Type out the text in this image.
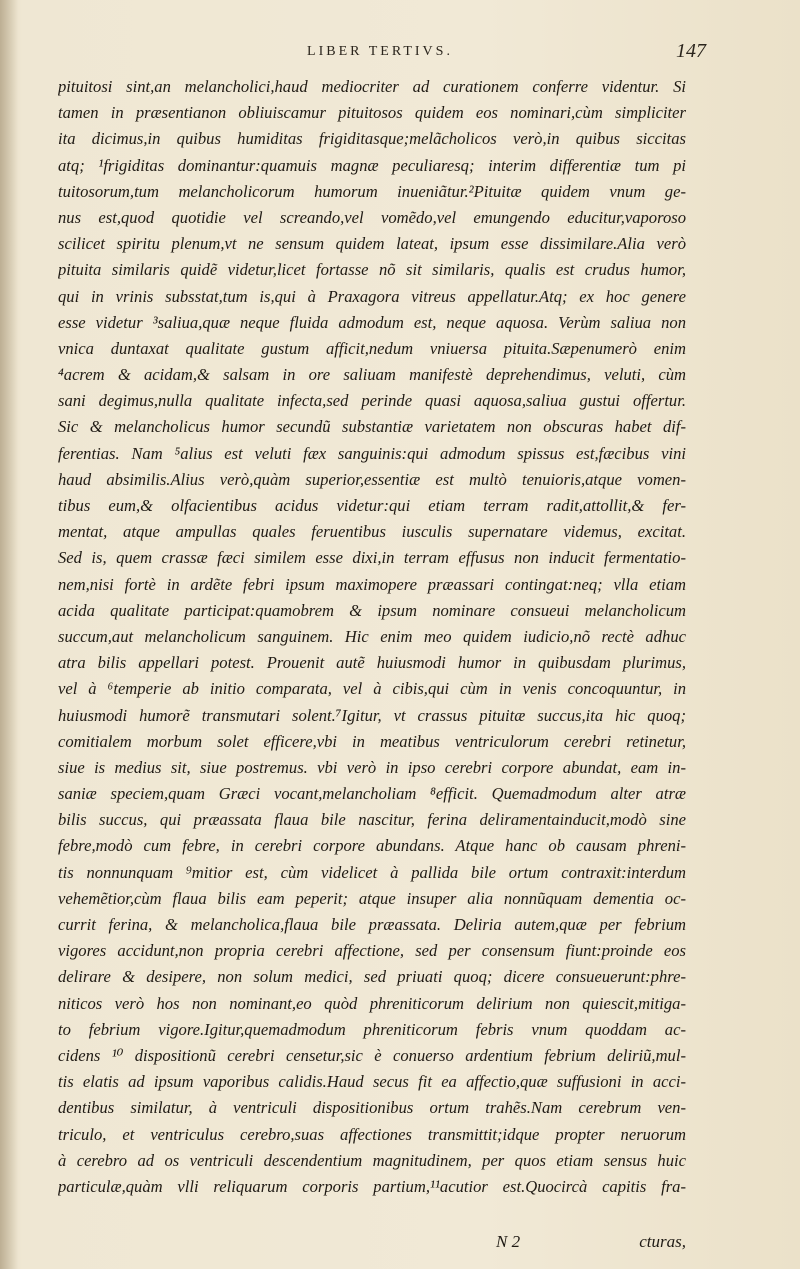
LIBER TERTIVS.	147
pituitosi sint,an melancholici,haud mediocriter ad curationem conferre videntur. Si
tamen in præsentianon obliuiscamur pituitosos quidem eos nominari,cùm simpliciter
ita dicimus,in quibus humiditas frigiditasque;melãcholicos verò,in quibus siccitas
atq; ¹frigiditas dominantur:quamuis magnæ peculiaresq; interim differentiæ tum pi
tuitosorum,tum melancholicorum humorum inueniãtur.²Pituitæ quidem vnum ge-
nus est,quod quotidie vel screando,vel vomẽdo,vel emungendo educitur,vaporoso
scilicet spiritu plenum,vt ne sensum quidem lateat, ipsum esse dissimilare.Alia verò
pituita similaris quidẽ videtur,licet fortasse nõ sit similaris, qualis est crudus humor,
qui in vrinis subsstat,tum is,qui à Praxagora vitreus appellatur.Atq; ex hoc genere
esse videtur ³saliua,quæ neque fluida admodum est, neque aquosa. Verùm saliua non
vnica duntaxat qualitate gustum afficit,nedum vniuersa pituita.Sæpenumerò enim
⁴acrem & acidam,& salsam in ore saliuam manifestè deprehendimus, veluti, cùm
sani degimus,nulla qualitate infecta,sed perinde quasi aquosa,saliua gustui offertur.
Sic & melancholicus humor secundũ substantiæ varietatem non obscuras habet dif-
ferentias. Nam ⁵alius est veluti fæx sanguinis:qui admodum spissus est,fæcibus vini
haud absimilis.Alius verò,quàm superior,essentiæ est multò tenuioris,atque vomen-
tibus eum,& olfacientibus acidus videtur:qui etiam terram radit,attollit,& fer-
mentat, atque ampullas quales feruentibus iusculis supernatare videmus, excitat.
Sed is, quem crassæ fæci similem esse dixi,in terram effusus non inducit fermentatio-
nem,nisi fortè in ardẽte febri ipsum maximopere præassari contingat:neq; vlla etiam
acida qualitate participat:quamobrem & ipsum nominare consueui melancholicum
succum,aut melancholicum sanguinem. Hic enim meo quidem iudicio,nõ rectè adhuc
atra bilis appellari potest. Prouenit autẽ huiusmodi humor in quibusdam plurimus,
vel à ⁶temperie ab initio comparata, vel à cibis,qui cùm in venis concoquuntur, in
huiusmodi humorẽ transmutari solent.⁷Igitur, vt crassus pituitæ succus,ita hic quoq;
comitialem morbum solet efficere,vbi in meatibus ventriculorum cerebri retinetur,
siue is medius sit, siue postremus. vbi verò in ipso cerebri corpore abundat, eam in-
saniæ speciem,quam Græci vocant,melancholiam ⁸efficit. Quemadmodum alter atræ
bilis succus, qui præassata flaua bile nascitur, ferina deliramentainducit,modò sine
febre,modò cum febre, in cerebri corpore abundans. Atque hanc ob causam phreni-
tis nonnunquam ⁹mitior est, cùm videlicet à pallida bile ortum contraxit:interdum
vehemẽtior,cùm flaua bilis eam peperit; atque insuper alia nonnũquam dementia oc-
currit ferina, & melancholica,flaua bile præassata. Deliria autem,quæ per febrium
vigores accidunt,non propria cerebri affectione, sed per consensum fiunt:proinde eos
delirare & desipere, non solum medici, sed priuati quoq; dicere consueuerunt:phre-
niticos verò hos non nominant,eo quòd phreniticorum delirium non quiescit,mitiga-
to febrium vigore.Igitur,quemadmodum phreniticorum febris vnum quoddam ac-
cidens ¹⁰ dispositionũ cerebri censetur,sic è conuerso ardentium febrium deliriũ,mul-
tis elatis ad ipsum vaporibus calidis.Haud secus fit ea affectio,quæ suffusioni in acci-
dentibus similatur, à ventriculi dispositionibus ortum trahẽs.Nam cerebrum ven-
triculo, et ventriculus cerebro,suas affectiones transmittit;idque propter neruorum
à cerebro ad os ventriculi descendentium magnitudinem, per quos etiam sensus huic
particulæ,quàm vlli reliquarum corporis partium,¹¹acutior est.Quocircà capitis fra-
N 2	cturas,
